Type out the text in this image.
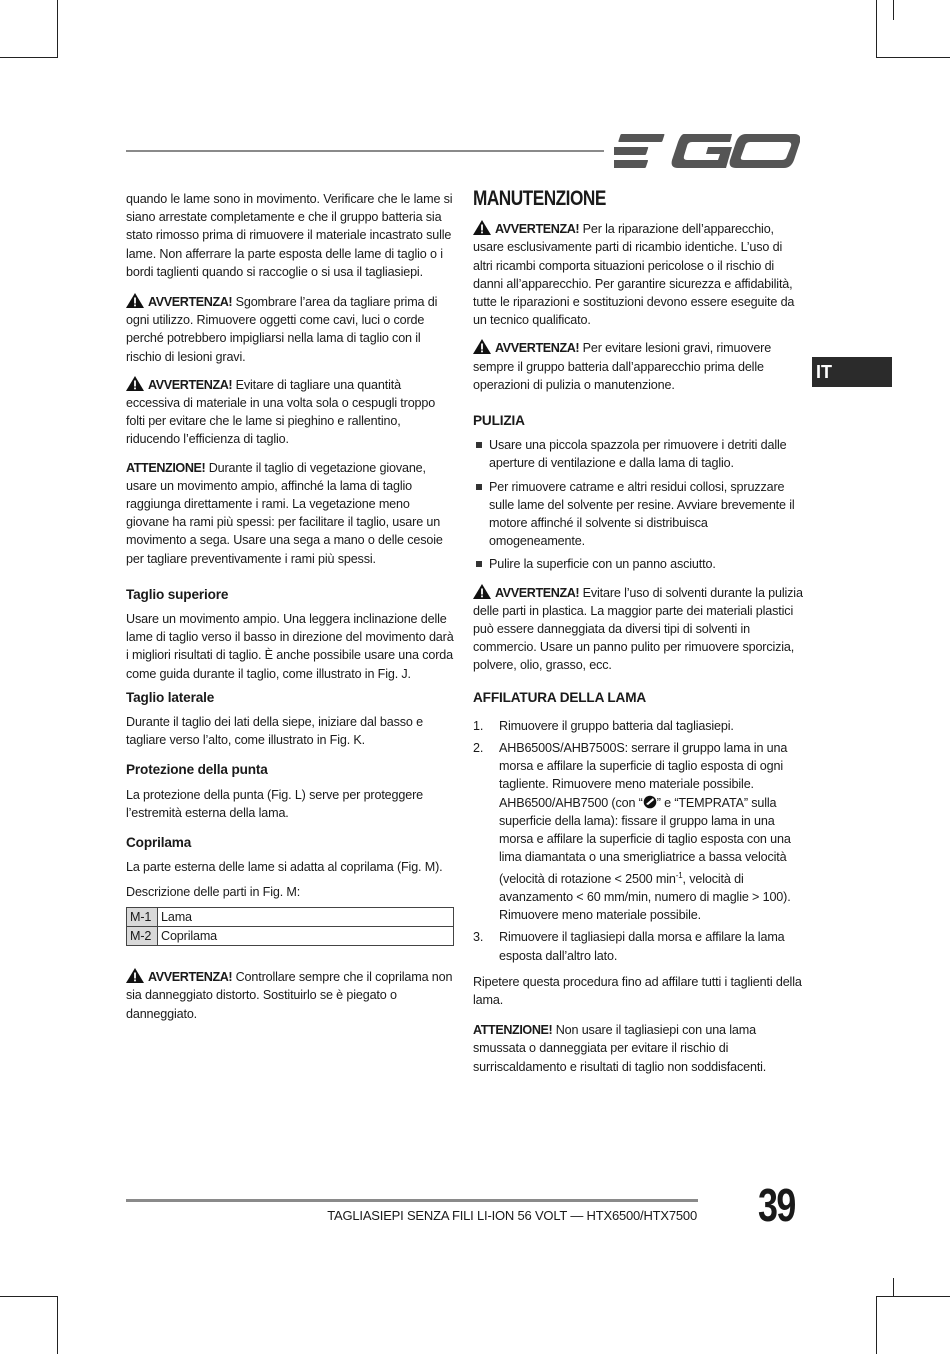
IT

quando le lame sono in movimento. Verificare che le lame si siano arrestate completamente e che il gruppo batteria sia stato rimosso prima di rimuovere il materiale incastrato sulle lame. Non afferrare la parte esposta delle lame di taglio o i bordi taglienti quando si raccoglie o si usa il tagliasiepi.

AVVERTENZA! Sgombrare l’area da tagliare prima di ogni utilizzo. Rimuovere oggetti come cavi, luci o corde perché potrebbero impigliarsi nella lama di taglio con il rischio di lesioni gravi.

AVVERTENZA! Evitare di tagliare una quantità eccessiva di materiale in una volta sola o cespugli troppo folti per evitare che le lame si pieghino e rallentino, riducendo l’efficienza di taglio.

ATTENZIONE! Durante il taglio di vegetazione giovane, usare un movimento ampio, affinché la lama di taglio raggiunga direttamente i rami. La vegetazione meno giovane ha rami più spessi: per facilitare il taglio, usare un movimento a sega. Usare una sega a mano o delle cesoie per tagliare preventivamente i rami più spessi.

Taglio superiore

Usare un movimento ampio. Una leggera inclinazione delle lame di taglio verso il basso in direzione del movimento darà i migliori risultati di taglio. È anche possibile usare una corda come guida durante il taglio, come illustrato in Fig. J.

Taglio laterale

Durante il taglio dei lati della siepe, iniziare dal basso e tagliare verso l’alto, come illustrato in Fig. K.

Protezione della punta

La protezione della punta (Fig. L) serve per proteggere l’estremità esterna della lama.

Coprilama

La parte esterna delle lame si adatta al coprilama (Fig. M).

Descrizione delle parti in Fig. M:

M-1	Lama
M-2	Coprilama

AVVERTENZA! Controllare sempre che il coprilama non sia danneggiato distorto. Sostituirlo se è piegato o danneggiato.

MANUTENZIONE

AVVERTENZA! Per la riparazione dell’apparecchio, usare esclusivamente parti di ricambio identiche. L’uso di altri ricambi comporta situazioni pericolose o il rischio di danni all’apparecchio. Per garantire sicurezza e affidabilità, tutte le riparazioni e sostituzioni devono essere eseguite da un tecnico qualificato.

AVVERTENZA! Per evitare lesioni gravi, rimuovere sempre il gruppo batteria dall’apparecchio prima delle operazioni di pulizia o manutenzione.

PULIZIA
Usare una piccola spazzola per rimuovere i detriti dalle aperture di ventilazione e dalla lama di taglio.
Per rimuovere catrame e altri residui collosi, spruzzare sulle lame del solvente per resine. Avviare brevemente il motore affinché il solvente si distribuisca omogeneamente.
Pulire la superficie con un panno asciutto.

AVVERTENZA! Evitare l’uso di solventi durante la pulizia delle parti in plastica. La maggior parte dei materiali plastici può essere danneggiata da diversi tipi di solventi in commercio. Usare un panno pulito per rimuovere sporcizia, polvere, olio, grasso, ecc.

AFFILATURA DELLA LAMA
1. Rimuovere il gruppo batteria dal tagliasiepi.
2. AHB6500S/AHB7500S: serrare il gruppo lama in una morsa e affilare la superficie di taglio esposta di ogni tagliente. Rimuovere meno materiale possibile. AHB6500/AHB7500 (con “ ” e “TEMPRATA” sulla superficie della lama): fissare il gruppo lama in una morsa e affilare la superficie di taglio esposta con una lima diamantata o una smerigliatrice a bassa velocità (velocità di rotazione < 2500 $\min^{-1}$, velocità di avanzamento < 60 mm/min, numero di maglie > 100). Rimuovere meno materiale possibile.
3. Rimuovere il tagliasiepi dalla morsa e affilare la lama esposta dall’altro lato.

Ripetere questa procedura fino ad affilare tutti i taglienti della lama.

ATTENZIONE! Non usare il tagliasiepi con una lama smussata o danneggiata per evitare il rischio di surriscaldamento e risultati di taglio non soddisfacenti.

TAGLIASIEPI SENZA FILI LI-ION 56 VOLT — HTX6500/HTX7500 39
